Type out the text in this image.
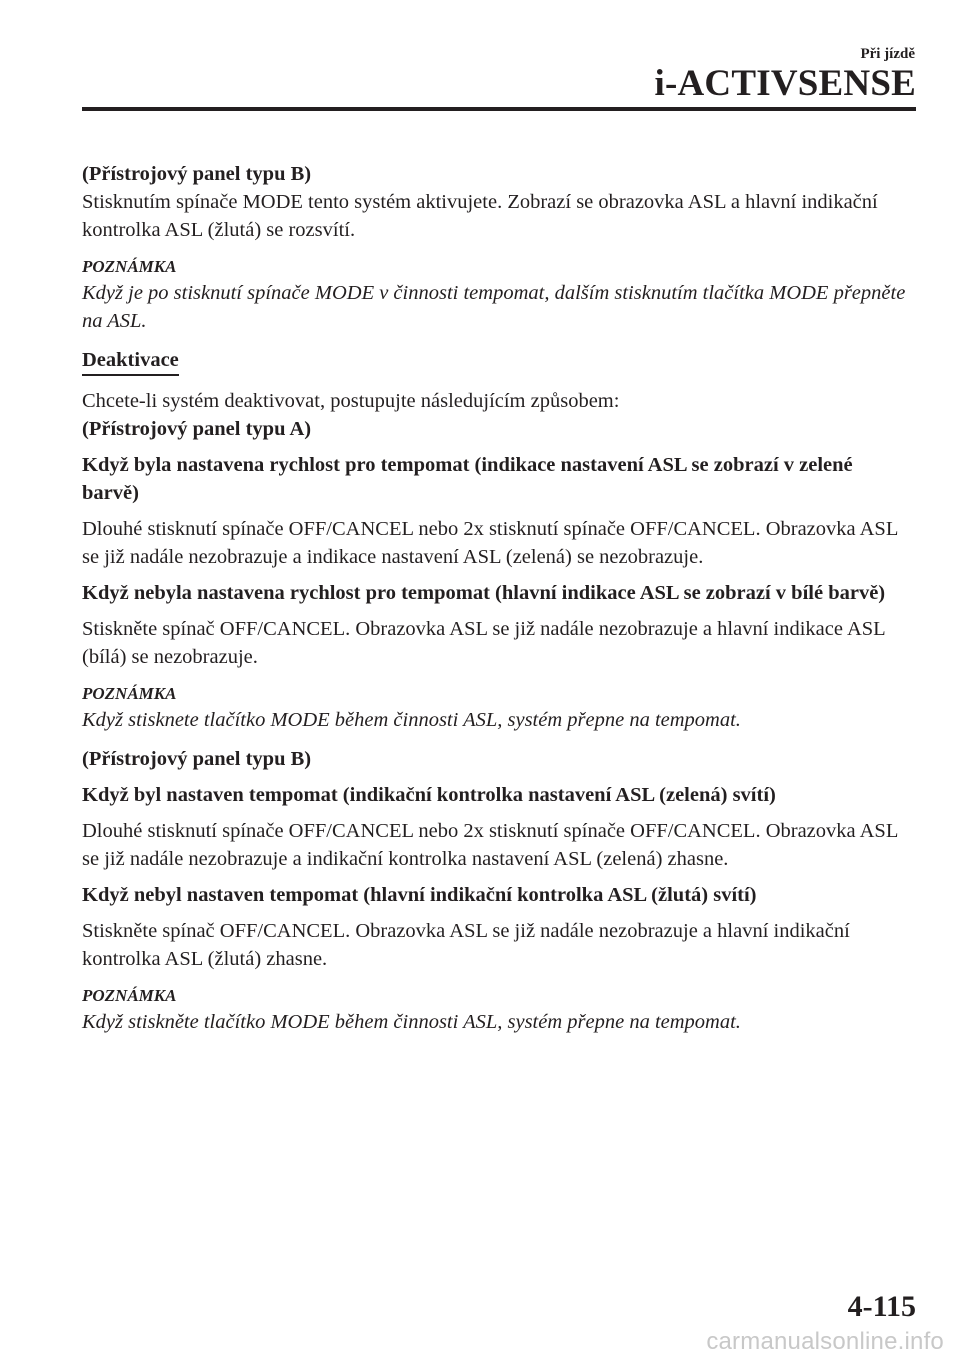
Při jízdě
i-ACTIVSENSE

(Přístrojový panel typu B)

Stisknutím spínače MODE tento systém aktivujete. Zobrazí se obrazovka ASL a hlavní indikační kontrolka ASL (žlutá) se rozsvítí.

POZNÁMKA

Když je po stisknutí spínače MODE v činnosti tempomat, dalším stisknutím tlačítka MODE přepněte na ASL.

Deaktivace

Chcete-li systém deaktivovat, postupujte následujícím způsobem:

(Přístrojový panel typu A)

Když byla nastavena rychlost pro tempomat (indikace nastavení ASL se zobrazí v zelené barvě)

Dlouhé stisknutí spínače OFF/CANCEL nebo 2x stisknutí spínače OFF/CANCEL. Obrazovka ASL se již nadále nezobrazuje a indikace nastavení ASL (zelená) se nezobrazuje.

Když nebyla nastavena rychlost pro tempomat (hlavní indikace ASL se zobrazí v bílé barvě)

Stiskněte spínač OFF/CANCEL. Obrazovka ASL se již nadále nezobrazuje a hlavní indikace ASL (bílá) se nezobrazuje.

POZNÁMKA

Když stisknete tlačítko MODE během činnosti ASL, systém přepne na tempomat.

(Přístrojový panel typu B)

Když byl nastaven tempomat (indikační kontrolka nastavení ASL (zelená) svítí)

Dlouhé stisknutí spínače OFF/CANCEL nebo 2x stisknutí spínače OFF/CANCEL. Obrazovka ASL se již nadále nezobrazuje a indikační kontrolka nastavení ASL (zelená) zhasne.

Když nebyl nastaven tempomat (hlavní indikační kontrolka ASL (žlutá) svítí)

Stiskněte spínač OFF/CANCEL. Obrazovka ASL se již nadále nezobrazuje a hlavní indikační kontrolka ASL (žlutá) zhasne.

POZNÁMKA

Když stiskněte tlačítko MODE během činnosti ASL, systém přepne na tempomat.

4-115
carmanualsonline.info
